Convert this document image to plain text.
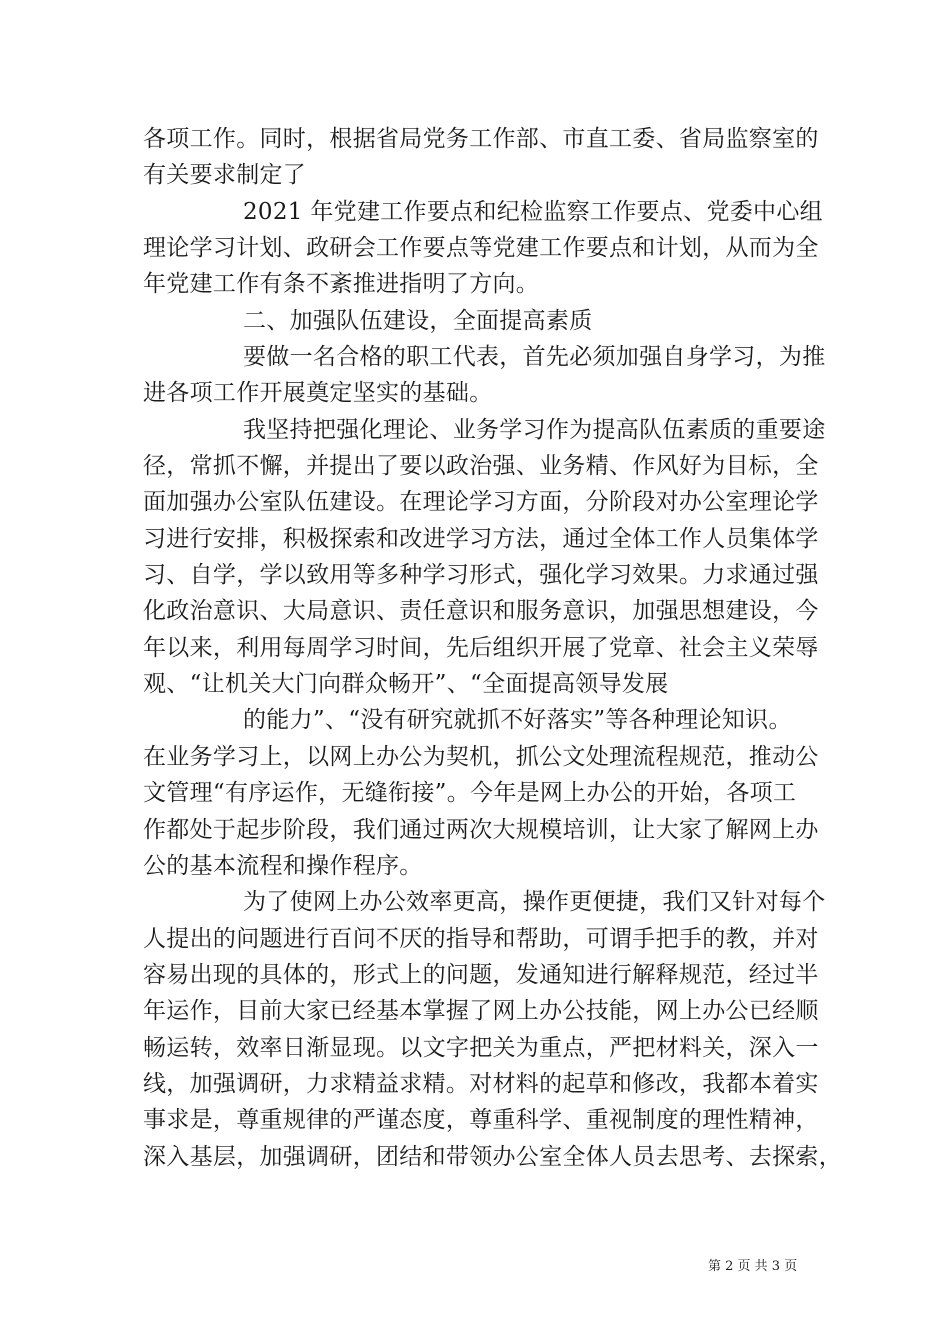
各项工作。同时，根据省局党务工作部、市直工委、省局监察室的
有关要求制定了
2021 年党建工作要点和纪检监察工作要点、党委中心组
理论学习计划、政研会工作要点等党建工作要点和计划，从而为全
年党建工作有条不紊推进指明了方向。
二、加强队伍建设，全面提高素质
要做一名合格的职工代表，首先必须加强自身学习，为推
进各项工作开展奠定坚实的基础。
我坚持把强化理论、业务学习作为提高队伍素质的重要途
径，常抓不懈，并提出了要以政治强、业务精、作风好为目标，全
面加强办公室队伍建设。在理论学习方面，分阶段对办公室理论学
习进行安排，积极探索和改进学习方法，通过全体工作人员集体学
习、自学，学以致用等多种学习形式，强化学习效果。力求通过强
化政治意识、大局意识、责任意识和服务意识，加强思想建设，今
年以来，利用每周学习时间，先后组织开展了党章、社会主义荣辱
观、“让机关大门向群众畅开”、“全面提高领导发展
的能力”、“没有研究就抓不好落实”等各种理论知识。
在业务学习上，以网上办公为契机，抓公文处理流程规范，推动公
文管理“有序运作，无缝衔接”。今年是网上办公的开始，各项工
作都处于起步阶段，我们通过两次大规模培训，让大家了解网上办
公的基本流程和操作程序。
为了使网上办公效率更高，操作更便捷，我们又针对每个
人提出的问题进行百问不厌的指导和帮助，可谓手把手的教，并对
容易出现的具体的，形式上的问题，发通知进行解释规范，经过半
年运作，目前大家已经基本掌握了网上办公技能，网上办公已经顺
畅运转，效率日渐显现。以文字把关为重点，严把材料关，深入一
线，加强调研，力求精益求精。对材料的起草和修改，我都本着实
事求是，尊重规律的严谨态度，尊重科学、重视制度的理性精神，
深入基层，加强调研，团结和带领办公室全体人员去思考、去探索，
第 2 页 共 3 页
